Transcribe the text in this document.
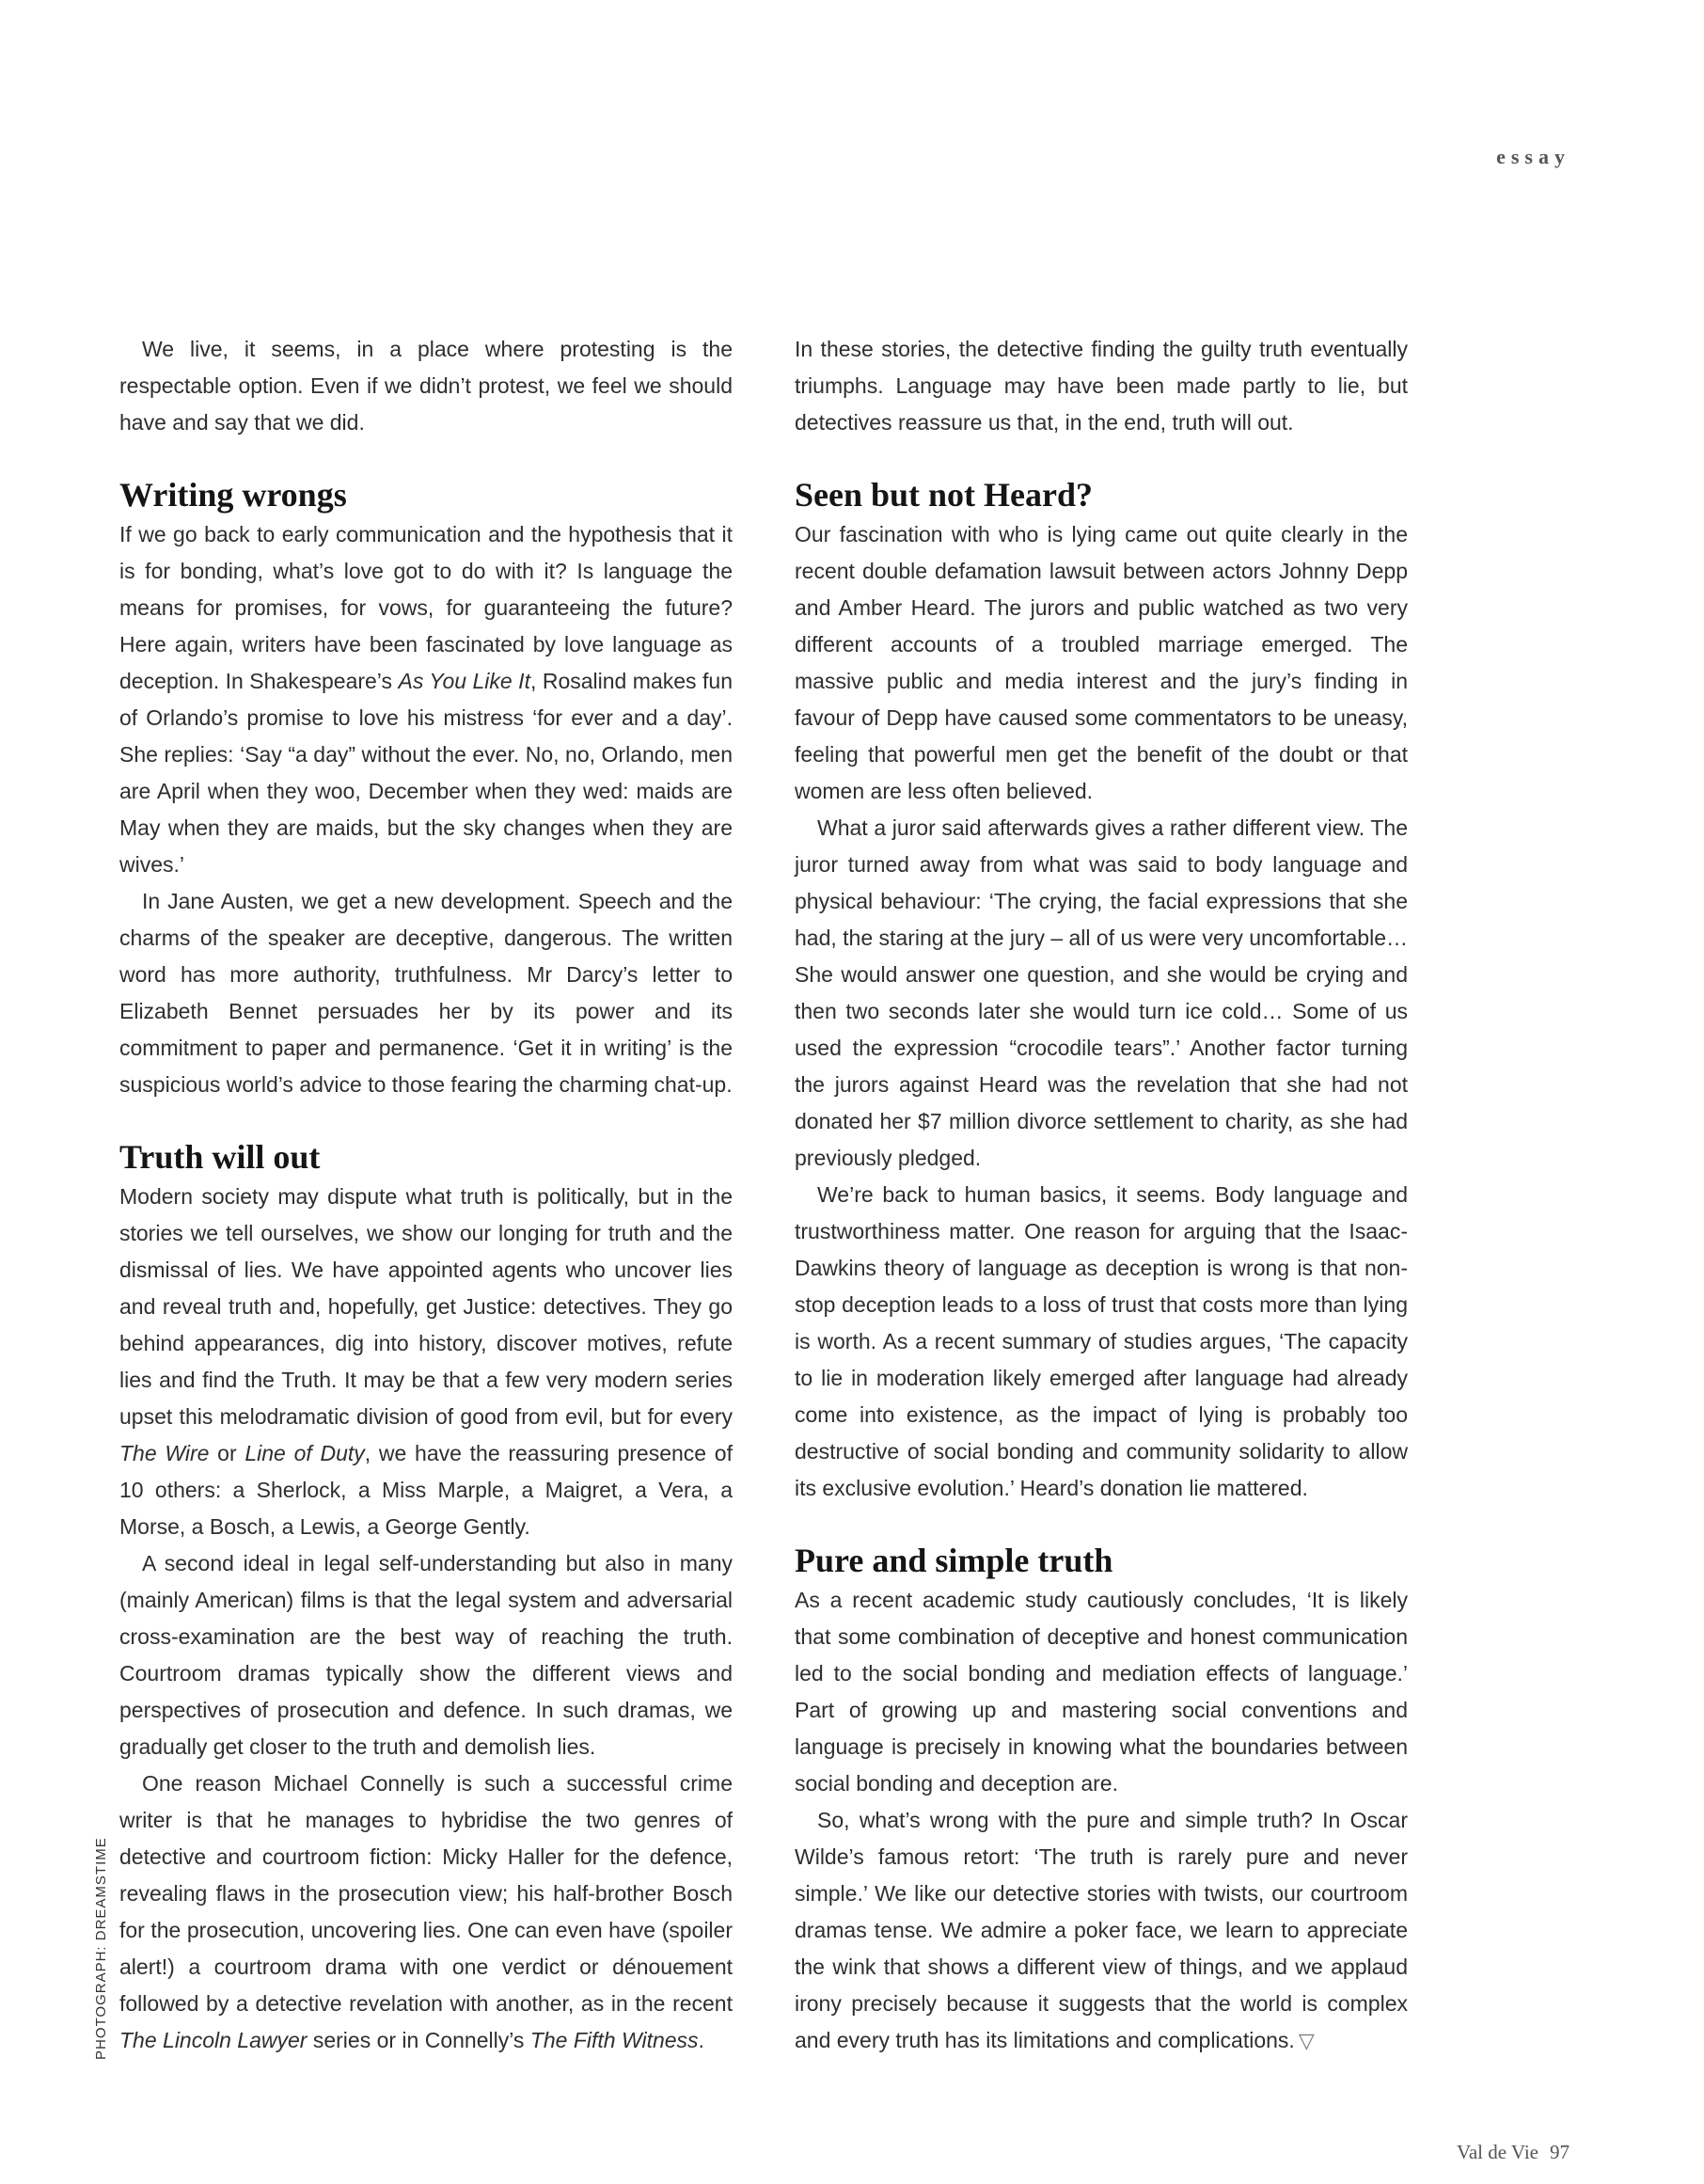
essay

We live, it seems, in a place where protesting is the respectable option. Even if we didn’t protest, we feel we should have and say that we did.

Writing wrongs

If we go back to early communication and the hypothesis that it is for bonding, what’s love got to do with it? Is language the means for promises, for vows, for guaranteeing the future? Here again, writers have been fascinated by love language as deception. In Shakespeare’s As You Like It, Rosalind makes fun of Orlando’s promise to love his mistress ‘for ever and a day’. She replies: ‘Say “a day” without the ever. No, no, Orlando, men are April when they woo, December when they wed: maids are May when they are maids, but the sky changes when they are wives.’

In Jane Austen, we get a new development. Speech and the charms of the speaker are deceptive, dangerous. The written word has more authority, truthfulness. Mr Darcy’s letter to Elizabeth Bennet persuades her by its power and its commitment to paper and permanence. ‘Get it in writing’ is the suspicious world’s advice to those fearing the charming chat-up.

Truth will out

Modern society may dispute what truth is politically, but in the stories we tell ourselves, we show our longing for truth and the dismissal of lies. We have appointed agents who uncover lies and reveal truth and, hopefully, get Justice: detectives. They go behind appearances, dig into history, discover motives, refute lies and find the Truth. It may be that a few very modern series upset this melodramatic division of good from evil, but for every The Wire or Line of Duty, we have the reassuring presence of 10 others: a Sherlock, a Miss Marple, a Maigret, a Vera, a Morse, a Bosch, a Lewis, a George Gently.

A second ideal in legal self-understanding but also in many (mainly American) films is that the legal system and adversarial cross-examination are the best way of reaching the truth. Courtroom dramas typically show the different views and perspectives of prosecution and defence. In such dramas, we gradually get closer to the truth and demolish lies.

One reason Michael Connelly is such a successful crime writer is that he manages to hybridise the two genres of detective and courtroom fiction: Micky Haller for the defence, revealing flaws in the prosecution view; his half-brother Bosch for the prosecution, uncovering lies. One can even have (spoiler alert!) a courtroom drama with one verdict or dénouement followed by a detective revelation with another, as in the recent The Lincoln Lawyer series or in Connelly’s The Fifth Witness.

In these stories, the detective finding the guilty truth eventually triumphs. Language may have been made partly to lie, but detectives reassure us that, in the end, truth will out.

Seen but not Heard?

Our fascination with who is lying came out quite clearly in the recent double defamation lawsuit between actors Johnny Depp and Amber Heard. The jurors and public watched as two very different accounts of a troubled marriage emerged. The massive public and media interest and the jury’s finding in favour of Depp have caused some commentators to be uneasy, feeling that powerful men get the benefit of the doubt or that women are less often believed.

What a juror said afterwards gives a rather different view. The juror turned away from what was said to body language and physical behaviour: ‘The crying, the facial expressions that she had, the staring at the jury – all of us were very uncomfortable… She would answer one question, and she would be crying and then two seconds later she would turn ice cold… Some of us used the expression “crocodile tears”.’ Another factor turning the jurors against Heard was the revelation that she had not donated her $7 million divorce settlement to charity, as she had previously pledged.

We’re back to human basics, it seems. Body language and trustworthiness matter. One reason for arguing that the Isaac-Dawkins theory of language as deception is wrong is that non-stop deception leads to a loss of trust that costs more than lying is worth. As a recent summary of studies argues, ‘The capacity to lie in moderation likely emerged after language had already come into existence, as the impact of lying is probably too destructive of social bonding and community solidarity to allow its exclusive evolution.’ Heard’s donation lie mattered.

Pure and simple truth

As a recent academic study cautiously concludes, ‘It is likely that some combination of deceptive and honest communication led to the social bonding and mediation effects of language.’ Part of growing up and mastering social conventions and language is precisely in knowing what the boundaries between social bonding and deception are.

So, what’s wrong with the pure and simple truth? In Oscar Wilde’s famous retort: ‘The truth is rarely pure and never simple.’ We like our detective stories with twists, our courtroom dramas tense. We admire a poker face, we learn to appreciate the wink that shows a different view of things, and we applaud irony precisely because it suggests that the world is complex and every truth has its limitations and complications. ▽

PHOTOGRAPH: DREAMSTIME
Val de Vie 97
